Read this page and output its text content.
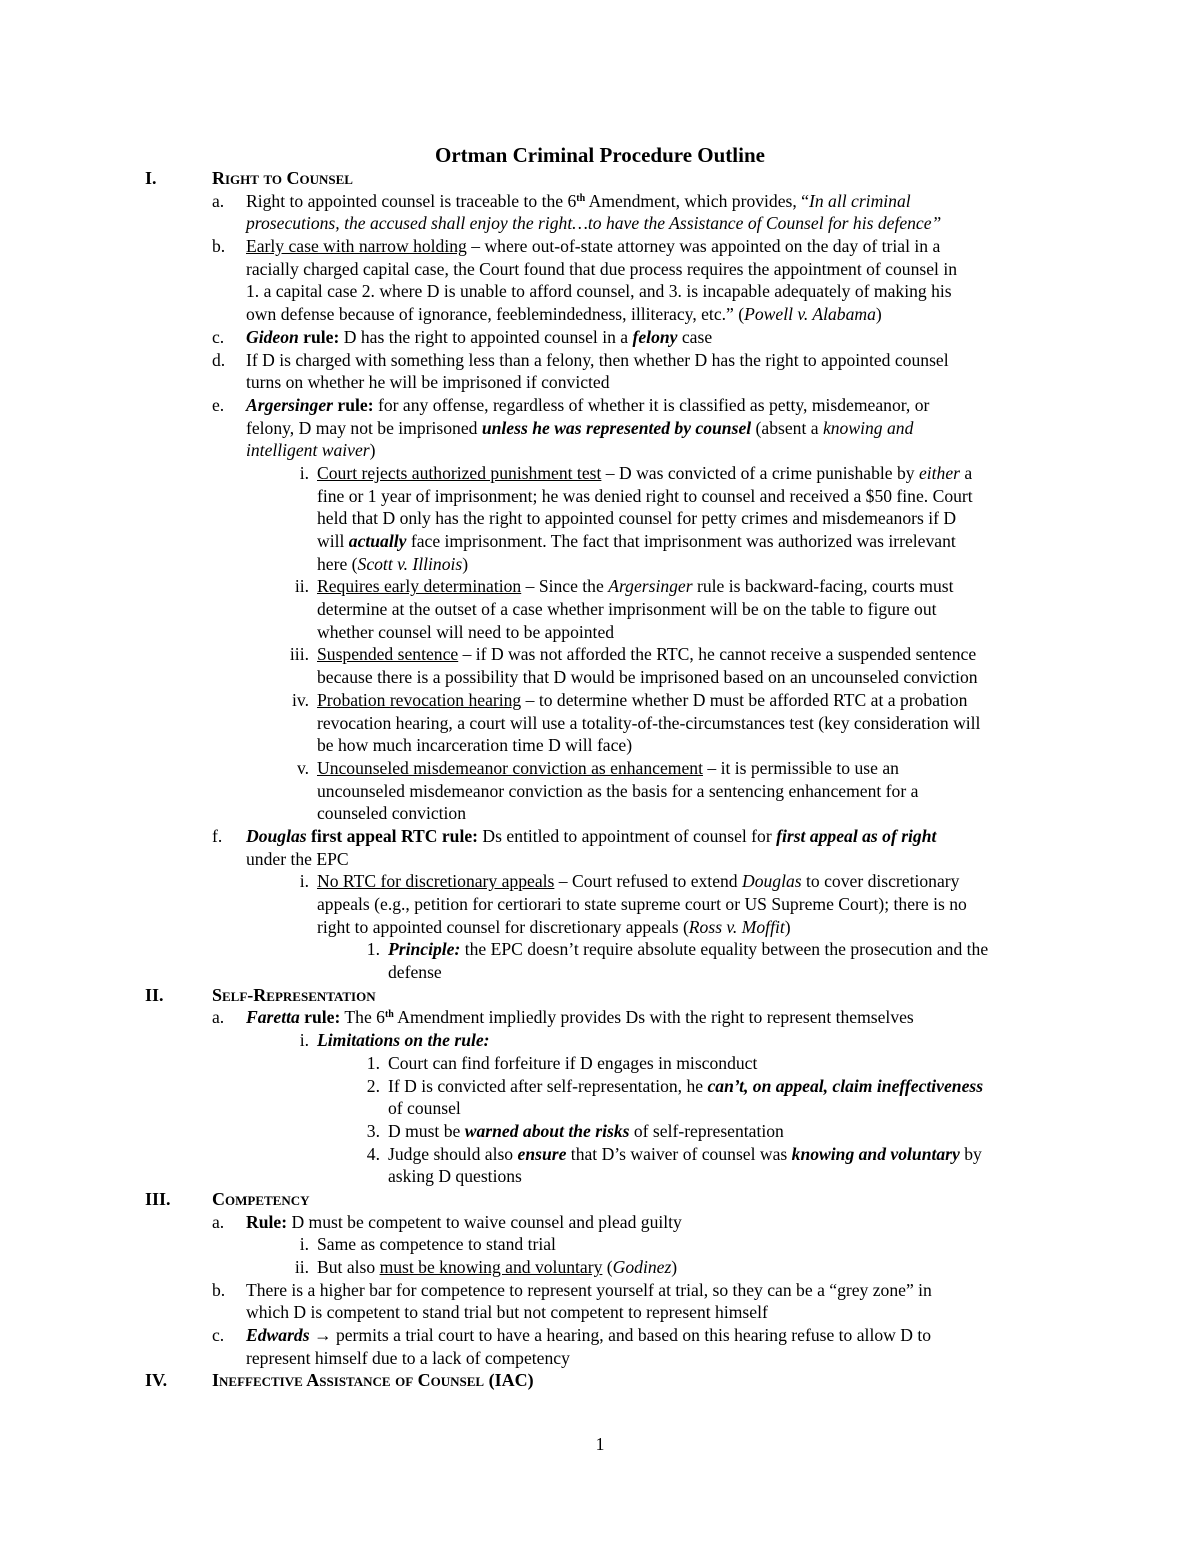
Ortman Criminal Procedure Outline
I.	Right to Counsel
a. Right to appointed counsel is traceable to the 6th Amendment, which provides, “In all criminal
prosecutions, the accused shall enjoy the right…to have the Assistance of Counsel for his defence”
b. Early case with narrow holding – where out-of-state attorney was appointed on the day of trial in a
racially charged capital case, the Court found that due process requires the appointment of counsel in
1. a capital case 2. where D is unable to afford counsel, and 3. is incapable adequately of making his
own defense because of ignorance, feeblemindedness, illiteracy, etc.” (Powell v. Alabama)
c. Gideon rule: D has the right to appointed counsel in a felony case
d. If D is charged with something less than a felony, then whether D has the right to appointed counsel
turns on whether he will be imprisoned if convicted
e. Argersinger rule: for any offense, regardless of whether it is classified as petty, misdemeanor, or
felony, D may not be imprisoned unless he was represented by counsel (absent a knowing and
intelligent waiver)
i. Court rejects authorized punishment test – D was convicted of a crime punishable by either a
fine or 1 year of imprisonment; he was denied right to counsel and received a $50 fine. Court
held that D only has the right to appointed counsel for petty crimes and misdemeanors if D
will actually face imprisonment. The fact that imprisonment was authorized was irrelevant
here (Scott v. Illinois)
ii. Requires early determination – Since the Argersinger rule is backward-facing, courts must
determine at the outset of a case whether imprisonment will be on the table to figure out
whether counsel will need to be appointed
iii. Suspended sentence – if D was not afforded the RTC, he cannot receive a suspended sentence
because there is a possibility that D would be imprisoned based on an uncounseled conviction
iv. Probation revocation hearing – to determine whether D must be afforded RTC at a probation
revocation hearing, a court will use a totality-of-the-circumstances test (key consideration will
be how much incarceration time D will face)
v. Uncounseled misdemeanor conviction as enhancement – it is permissible to use an
uncounseled misdemeanor conviction as the basis for a sentencing enhancement for a
counseled conviction
f. Douglas first appeal RTC rule: Ds entitled to appointment of counsel for first appeal as of right
under the EPC
i. No RTC for discretionary appeals – Court refused to extend Douglas to cover discretionary
appeals (e.g., petition for certiorari to state supreme court or US Supreme Court); there is no
right to appointed counsel for discretionary appeals (Ross v. Moffit)
1. Principle: the EPC doesn’t require absolute equality between the prosecution and the
defense
II.	Self-Representation
a. Faretta rule: The 6th Amendment impliedly provides Ds with the right to represent themselves
i. Limitations on the rule:
1. Court can find forfeiture if D engages in misconduct
2. If D is convicted after self-representation, he can’t, on appeal, claim ineffectiveness
of counsel
3. D must be warned about the risks of self-representation
4. Judge should also ensure that D’s waiver of counsel was knowing and voluntary by
asking D questions
III. Competency
a. Rule: D must be competent to waive counsel and plead guilty
i. Same as competence to stand trial
ii. But also must be knowing and voluntary (Godinez)
b. There is a higher bar for competence to represent yourself at trial, so they can be a “grey zone” in
which D is competent to stand trial but not competent to represent himself
c. Edwards → permits a trial court to have a hearing, and based on this hearing refuse to allow D to
represent himself due to a lack of competency
IV. Ineffective Assistance of Counsel (IAC)
1
